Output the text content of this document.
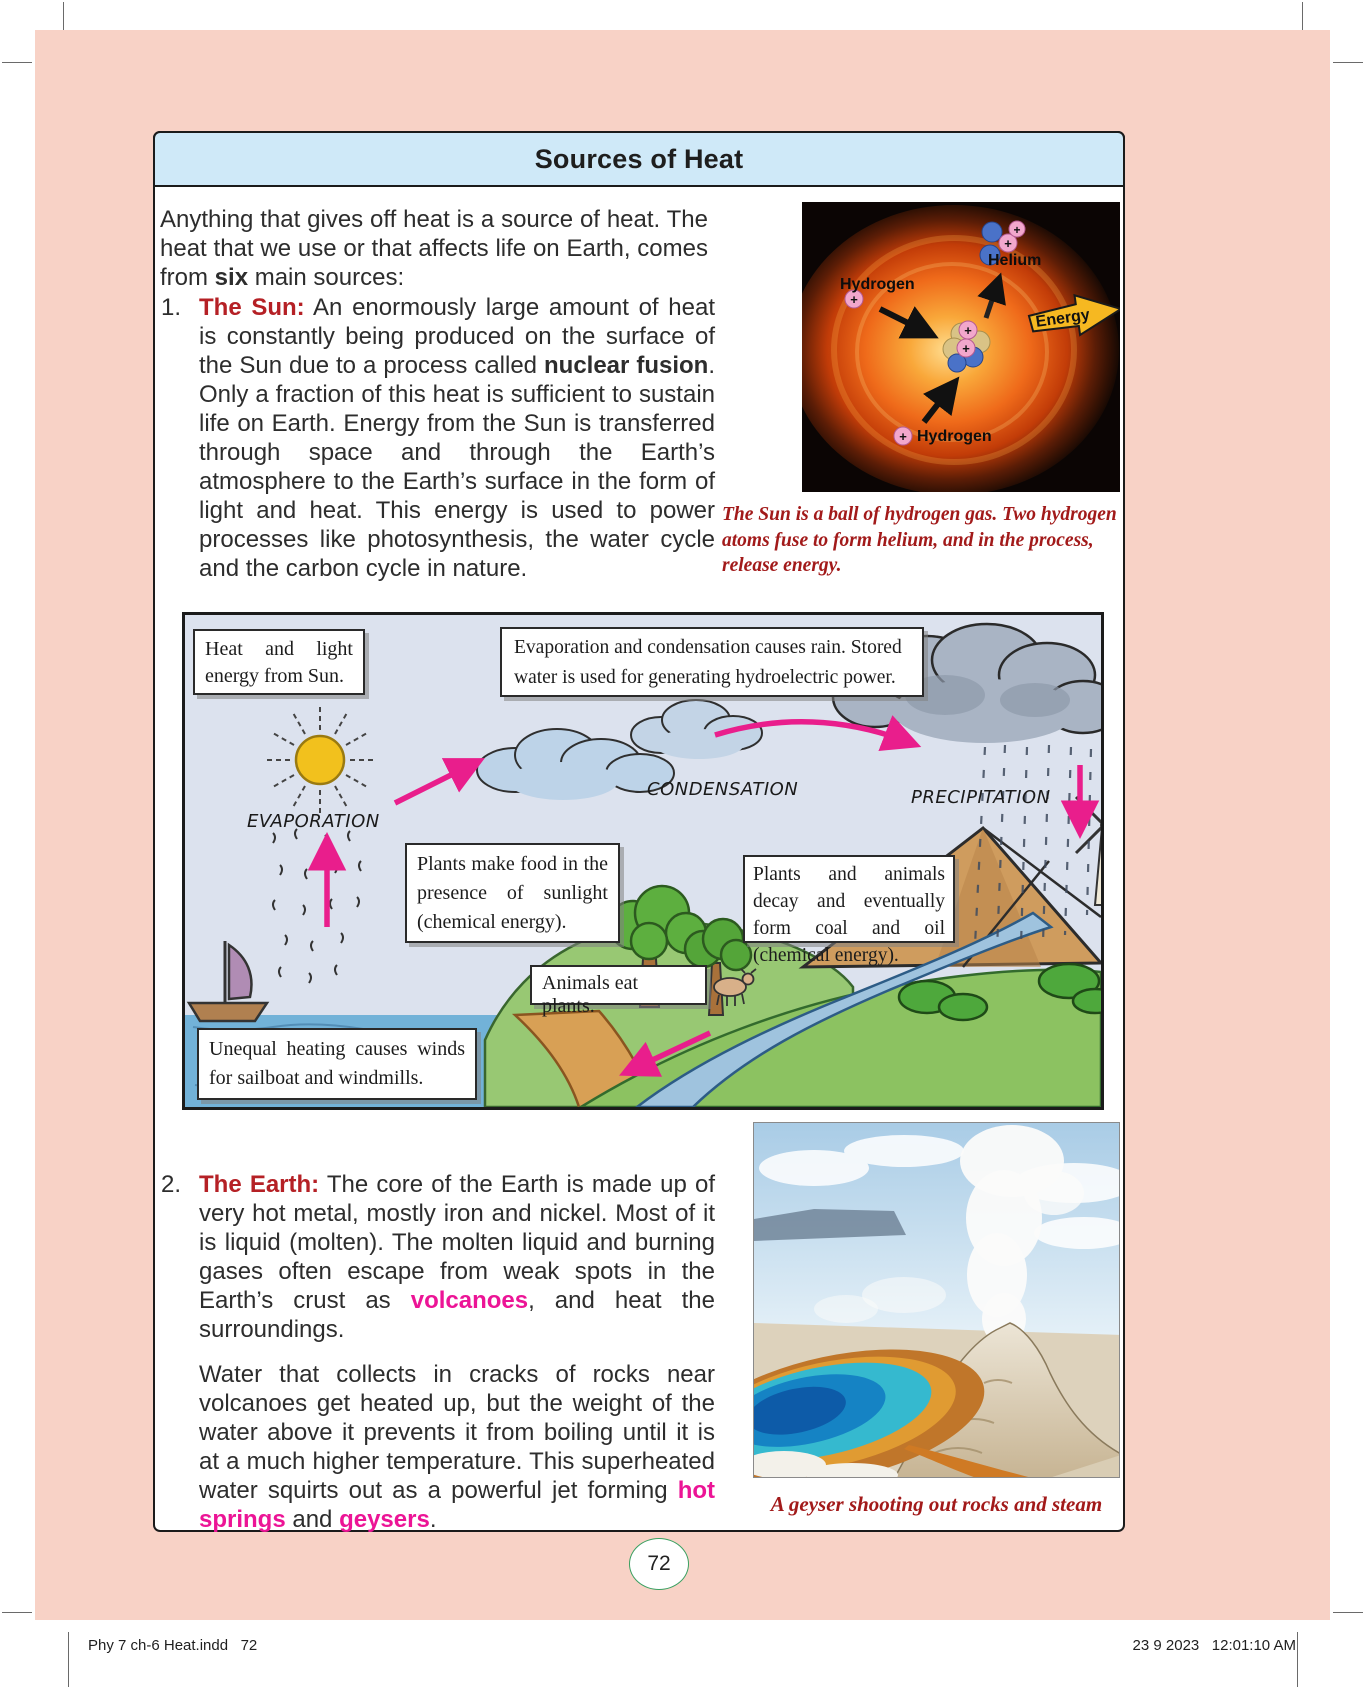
Sources of Heat
Anything that gives off heat is a source of heat. The heat that we use or that affects life on Earth, comes from six main sources:
1. The Sun: An enormously large amount of heat is constantly being produced on the surface of the Sun due to a process called nuclear fusion. Only a fraction of this heat is sufficient to sustain life on Earth. Energy from the Sun is transferred through space and through the Earth’s atmosphere to the Earth’s surface in the form of light and heat. This energy is used to power processes like photosynthesis, the water cycle and the carbon cycle in nature.
Energy
+
+
+
+
+
+
Hydrogen
Helium
Hydrogen
The Sun is a ball of hydrogen gas. Two hydrogen atoms fuse to form helium, and in the process, release energy.
Heat and light energy from Sun.
Evaporation and condensation causes rain. Stored water is used for generating hydroelectric power.
Plants make food in the presence of sunlight (chemical energy).
Plants and animals decay and eventually form coal and oil (chemical energy).
Animals eat plants.
Unequal heating causes winds for sailboat and windmills.
EVAPORATION
CONDENSATION	PRECIPITATION
2. The Earth: The core of the Earth is made up of very hot metal, mostly iron and nickel. Most of it is liquid (molten). The molten liquid and burning gases often escape from weak spots in the Earth’s crust as volcanoes, and heat the surroundings.
Water that collects in cracks of rocks near volcanoes get heated up, but the weight of the water above it prevents it from boiling until it is at a much higher temperature. This superheated water squirts out as a powerful jet forming hot springs and geysers.
A geyser shooting out rocks and steam
72
Phy 7 ch-6 Heat.indd   72	23 9 2023   12:01:10 AM
